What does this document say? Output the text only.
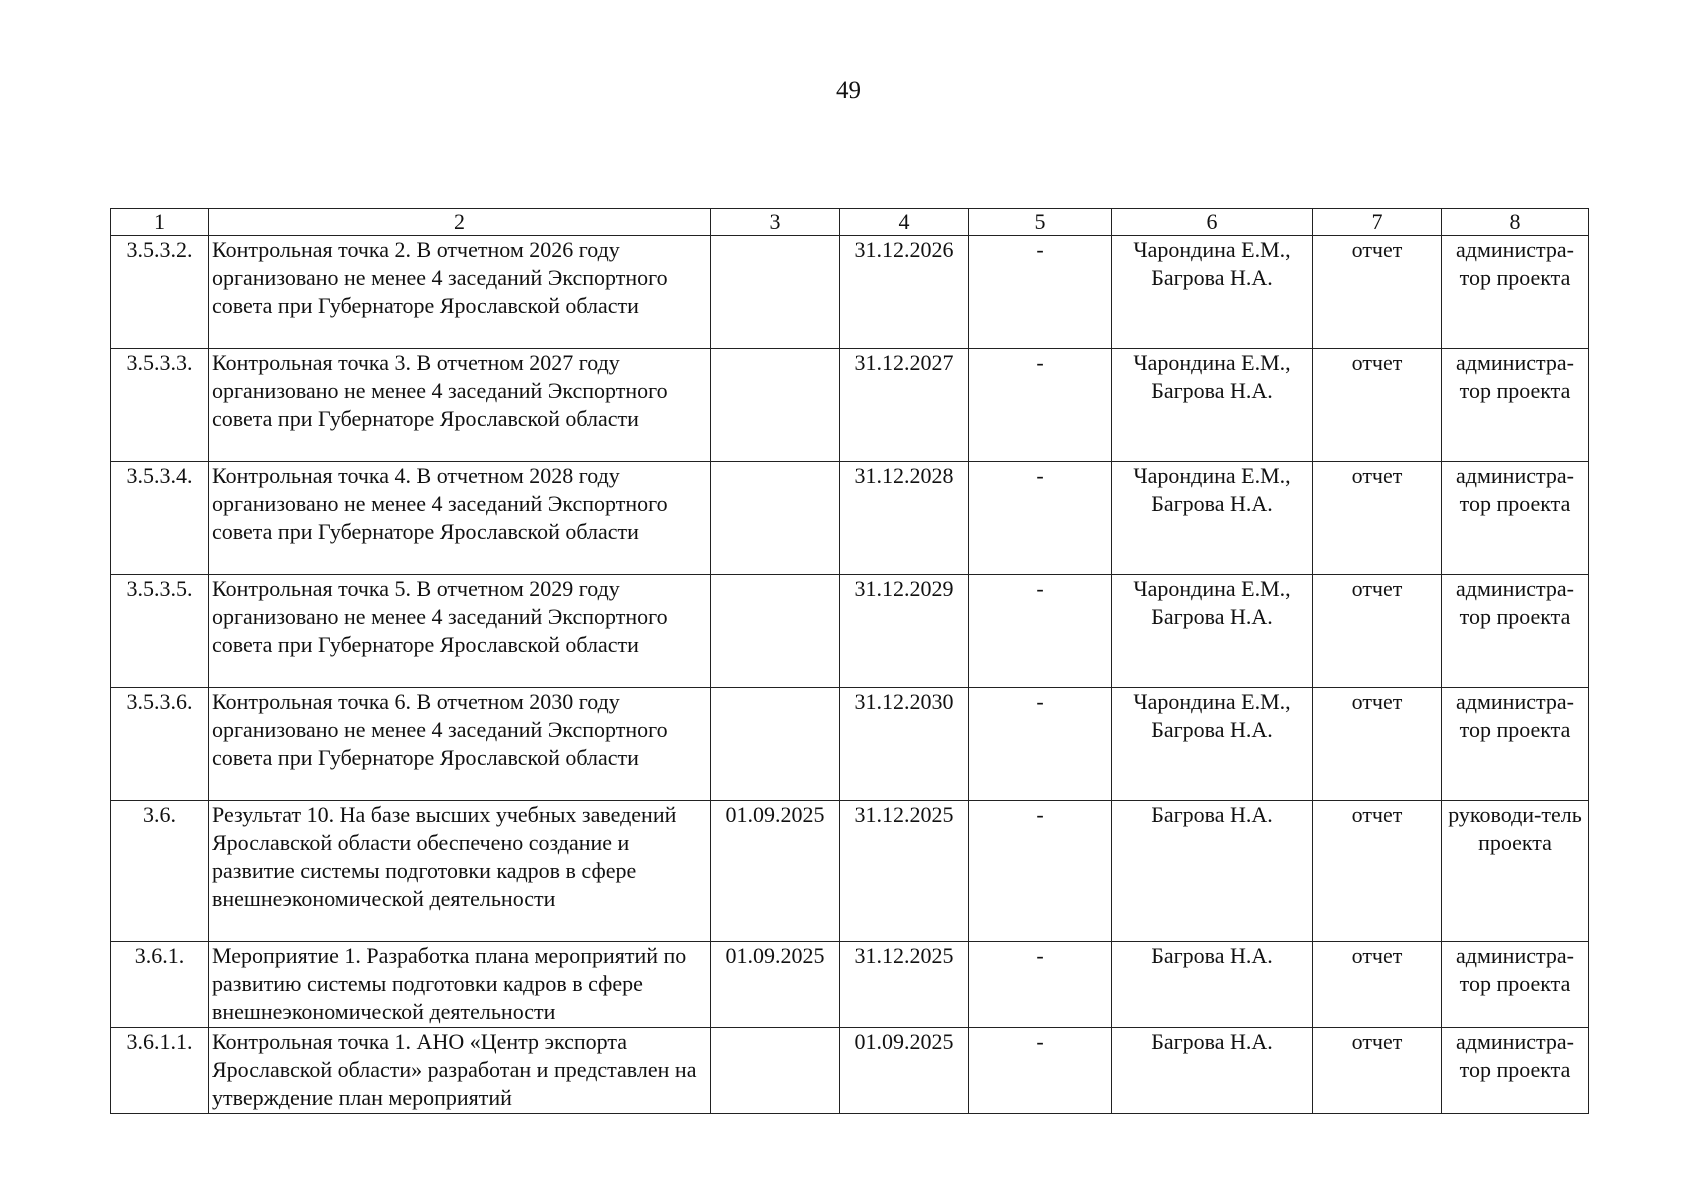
49
1	2	3	4	5	6	7	8
3.5.3.2.	Контрольная точка 2. В отчетном 2026 году организовано не менее 4 заседаний Экспортного совета при Губернаторе Ярославской области		31.12.2026	-	Чарондина Е.М., Багрова Н.А.	отчет	администра-тор проекта
3.5.3.3.	Контрольная точка 3. В отчетном 2027 году организовано не менее 4 заседаний Экспортного совета при Губернаторе Ярославской области		31.12.2027	-	Чарондина Е.М., Багрова Н.А.	отчет	администра-тор проекта
3.5.3.4.	Контрольная точка 4. В отчетном 2028 году организовано не менее 4 заседаний Экспортного совета при Губернаторе Ярославской области		31.12.2028	-	Чарондина Е.М., Багрова Н.А.	отчет	администра-тор проекта
3.5.3.5.	Контрольная точка 5. В отчетном 2029 году организовано не менее 4 заседаний Экспортного совета при Губернаторе Ярославской области		31.12.2029	-	Чарондина Е.М., Багрова Н.А.	отчет	администра-тор проекта
3.5.3.6.	Контрольная точка 6. В отчетном 2030 году организовано не менее 4 заседаний Экспортного совета при Губернаторе Ярославской области		31.12.2030	-	Чарондина Е.М., Багрова Н.А.	отчет	администра-тор проекта
3.6.	Результат 10. На базе высших учебных заведений Ярославской области обеспечено создание и развитие системы подготовки кадров в сфере внешнеэкономической деятельности	01.09.2025	31.12.2025	-	Багрова Н.А.	отчет	руководи-тель проекта
3.6.1.	Мероприятие 1. Разработка плана мероприятий по развитию системы подготовки кадров в сфере внешнеэкономической деятельности	01.09.2025	31.12.2025	-	Багрова Н.А.	отчет	администра-тор проекта
3.6.1.1.	Контрольная точка 1. АНО «Центр экспорта Ярославской области» разработан и представлен на утверждение план мероприятий		01.09.2025	-	Багрова Н.А.	отчет	администра-тор проекта
